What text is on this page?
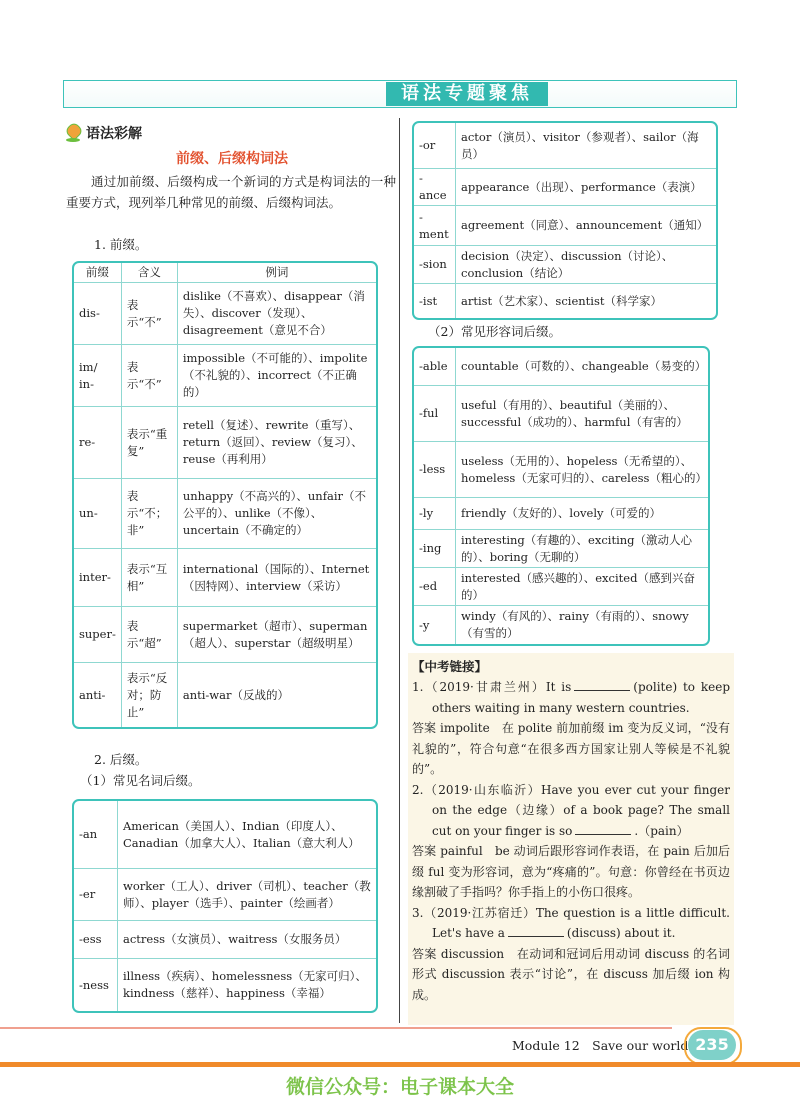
语法专题聚焦
语法彩解
前缀、后缀构词法
通过加前缀、后缀构成一个新词的方式是构词法的一种重要方式，现列举几种常见的前缀、后缀构词法。
1. 前缀。
前缀	含义	例词
dis-	表示“不”	dislike（不喜欢）、disappear（消失）、discover（发现）、disagreement（意见不合）
im/ in-	表示“不”	impossible（不可能的）、impolite（不礼貌的）、incorrect（不正确的）
re-	表示“重复”	retell（复述）、rewrite（重写）、return（返回）、review（复习）、reuse（再利用）
un-	表示“不；非”	unhappy（不高兴的）、unfair（不公平的）、unlike（不像）、uncertain（不确定的）
inter-	表示“互相”	international（国际的）、Internet（因特网）、interview（采访）
super-	表示“超”	supermarket（超市）、superman（超人）、superstar（超级明星）
anti-	表示“反对；防止”	anti-war（反战的）
2. 后缀。
（1）常见名词后缀。
-an	American（美国人）、Indian（印度人）、Canadian（加拿大人）、Italian（意大利人）
-er	worker（工人）、driver（司机）、teacher（教师）、player（选手）、painter（绘画者）
-ess	actress（女演员）、waitress（女服务员）
-ness	illness（疾病）、homelessness（无家可归）、kindness（慈祥）、happiness（幸福）
-or	actor（演员）、visitor（参观者）、sailor（海员）
-ance	appearance（出现）、performance（表演）
-ment	agreement（同意）、announcement（通知）
-sion	decision（决定）、discussion（讨论）、conclusion（结论）
-ist	artist（艺术家）、scientist（科学家）
（2）常见形容词后缀。
-able	countable（可数的）、changeable（易变的）
-ful	useful（有用的）、beautiful（美丽的）、successful（成功的）、harmful（有害的）
-less	useless（无用的）、hopeless（无希望的）、homeless（无家可归的）、careless（粗心的）
-ly	friendly（友好的）、lovely（可爱的）
-ing	interesting（有趣的）、exciting（激动人心的）、boring（无聊的）
-ed	interested（感兴趣的）、excited（感到兴奋的）
-y	windy（有风的）、rainy（有雨的）、snowy（有雪的）
【中考链接】

1.（2019·甘肃兰州）It is	(polite) to keep others waiting in many western countries.

答案 impolite　在 polite 前加前缀 im 变为反义词，“没有礼貌的”，符合句意“在很多西方国家让别人等候是不礼貌的”。

2.（2019·山东临沂）Have you ever cut your finger on the edge（边缘）of a book page? The small cut on your finger is so	.（pain）

答案 painful　be 动词后跟形容词作表语，在 pain 后加后缀 ful 变为形容词，意为“疼痛的”。句意：你曾经在书页边缘割破了手指吗？你手指上的小伤口很疼。

3.（2019·江苏宿迁）The question is a little difficult. Let's have a	(discuss) about it.

答案 discussion　在动词和冠词后用动词 discuss 的名词形式 discussion 表示“讨论”，在 discuss 加后缀 ion 构成。

Module 12　Save our world 235
微信公众号：电子课本大全
